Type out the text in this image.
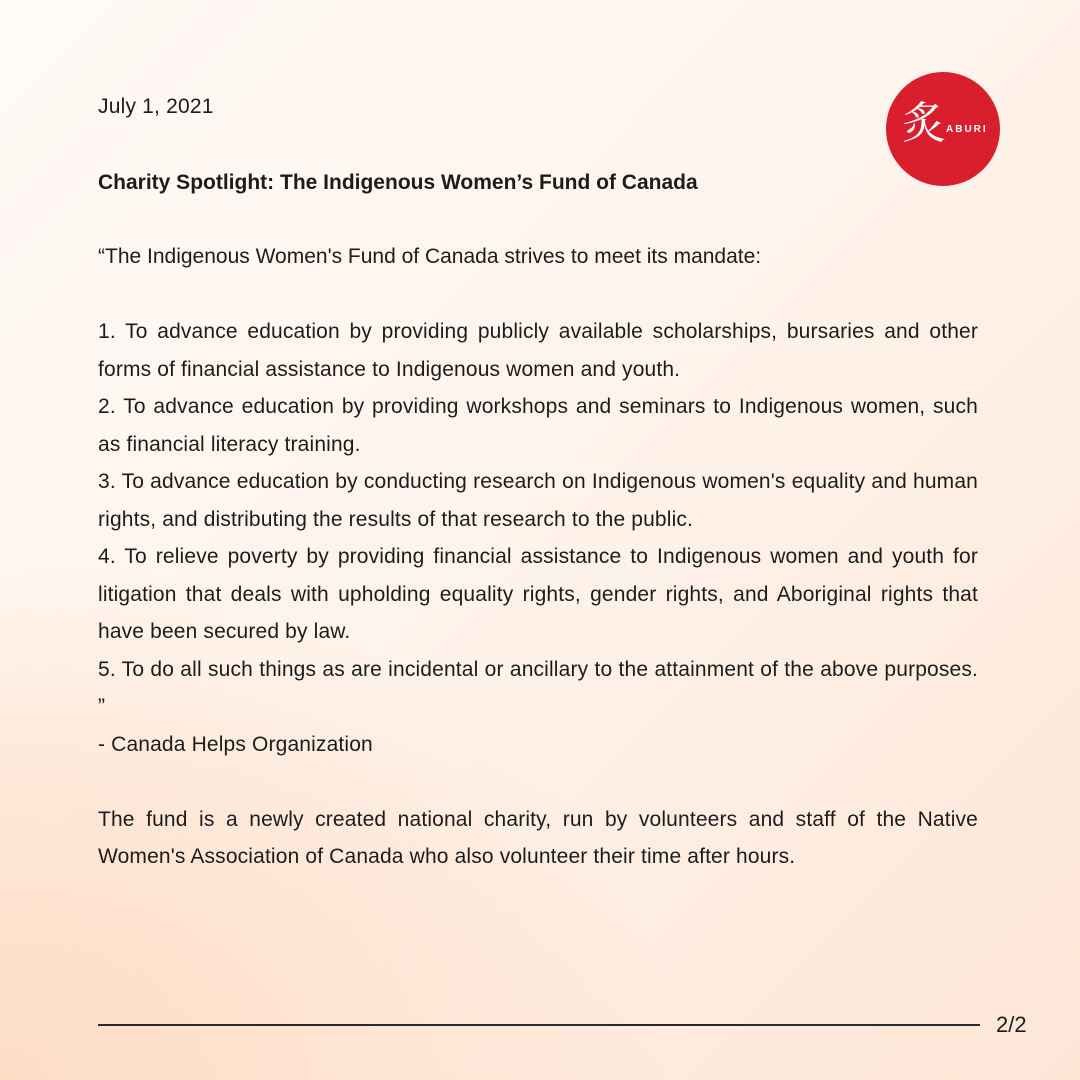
炙 ABURI
July 1, 2021
Charity Spotlight: The Indigenous Women’s Fund of Canada
“The Indigenous Women's Fund of Canada strives to meet its mandate:
1. To advance education by providing publicly available scholarships, bursaries and other forms of financial assistance to Indigenous women and youth.
2. To advance education by providing workshops and seminars to Indigenous women, such as financial literacy training.
3. To advance education by conducting research on Indigenous women's equality and human rights, and distributing the results of that research to the public.
4. To relieve poverty by providing financial assistance to Indigenous women and youth for litigation that deals with upholding equality rights, gender rights, and Aboriginal rights that have been secured by law.
5. To do all such things as are incidental or ancillary to the attainment of the above purposes. ”
- Canada Helps Organization
The fund is a newly created national charity, run by volunteers and staff of the Native Women's Association of Canada who also volunteer their time after hours.
2/2
